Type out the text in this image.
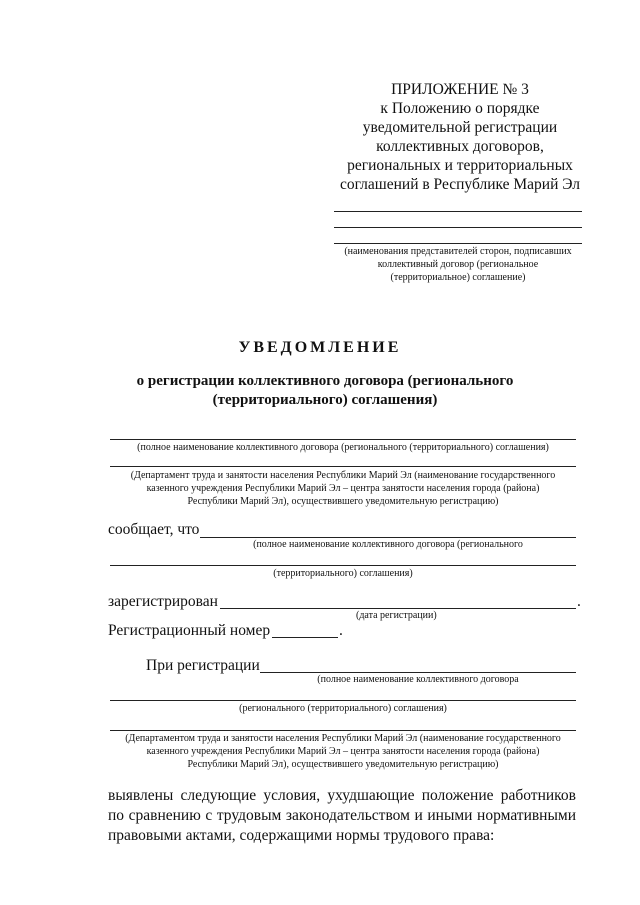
ПРИЛОЖЕНИЕ № 3
к Положению о порядке
уведомительной регистрации
коллективных договоров,
региональных и территориальных
соглашений в Республике Марий Эл
(наименования представителей сторон, подписавших
коллективный договор (региональное
(территориальное) соглашение)
УВЕДОМЛЕНИЕ
о регистрации коллективного договора (регионального
(территориального) соглашения)
(полное наименование коллективного договора (регионального (территориального) соглашения)
(Департамент труда и занятости населения Республики Марий Эл (наименование государственного
казенного учреждения Республики Марий Эл – центра занятости населения города (района)
Республики Марий Эл), осуществившего уведомительную регистрацию)
сообщает, что
(полное наименование коллективного договора (регионального
(территориального) соглашения)
зарегистрирован	.
(дата регистрации)
Регистрационный номер	.
При регистрации
(полное наименование коллективного договора
(регионального (территориального) соглашения)
(Департаментом труда и занятости населения Республики Марий Эл (наименование государственного
казенного учреждения Республики Марий Эл – центра занятости населения города (района)
Республики Марий Эл), осуществившего уведомительную регистрацию)
выявлены следующие условия, ухудшающие положение работников по сравнению с трудовым законодательством и иными нормативными правовыми актами, содержащими нормы трудового права:
